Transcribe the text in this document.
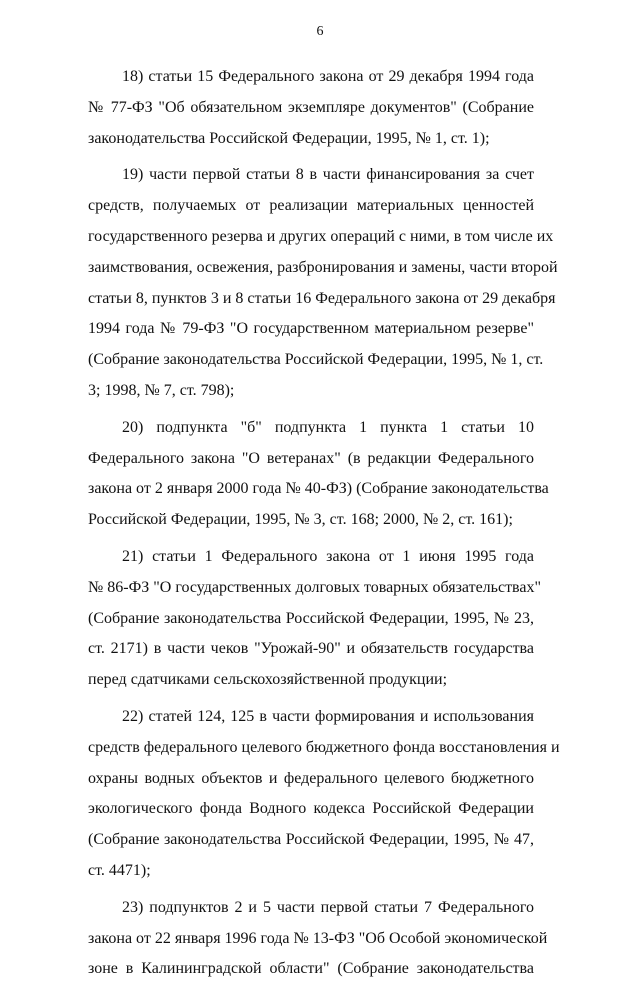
6
18) статьи 15 Федерального закона от 29 декабря 1994 года
№ 77-ФЗ "Об обязательном экземпляре документов" (Собрание
законодательства Российской Федерации, 1995, № 1, ст. 1);
19) части первой статьи 8 в части финансирования за счет
средств, получаемых от реализации материальных ценностей
государственного резерва и других операций с ними, в том числе их
заимствования, освежения, разбронирования и замены, части второй
статьи 8, пунктов 3 и 8 статьи 16 Федерального закона от 29 декабря
1994 года № 79-ФЗ "О государственном материальном резерве"
(Собрание законодательства Российской Федерации, 1995, № 1, ст.
3; 1998, № 7, ст. 798);
20) подпункта "б" подпункта 1 пункта 1 статьи 10
Федерального закона "О ветеранах" (в редакции Федерального
закона от 2 января 2000 года № 40-ФЗ) (Собрание законодательства
Российской Федерации, 1995, № 3, ст. 168; 2000, № 2, ст. 161);
21) статьи 1 Федерального закона от 1 июня 1995 года
№ 86-ФЗ "О государственных долговых товарных обязательствах"
(Собрание законодательства Российской Федерации, 1995, № 23,
ст. 2171) в части чеков "Урожай-90" и обязательств государства
перед сдатчиками сельскохозяйственной продукции;
22) статей 124, 125 в части формирования и использования
средств федерального целевого бюджетного фонда восстановления и
охраны водных объектов и федерального целевого бюджетного
экологического фонда Водного кодекса Российской Федерации
(Собрание законодательства Российской Федерации, 1995, № 47,
ст. 4471);
23) подпунктов 2 и 5 части первой статьи 7 Федерального
закона от 22 января 1996 года № 13-ФЗ "Об Особой экономической
зоне в Калининградской области" (Собрание законодательства
